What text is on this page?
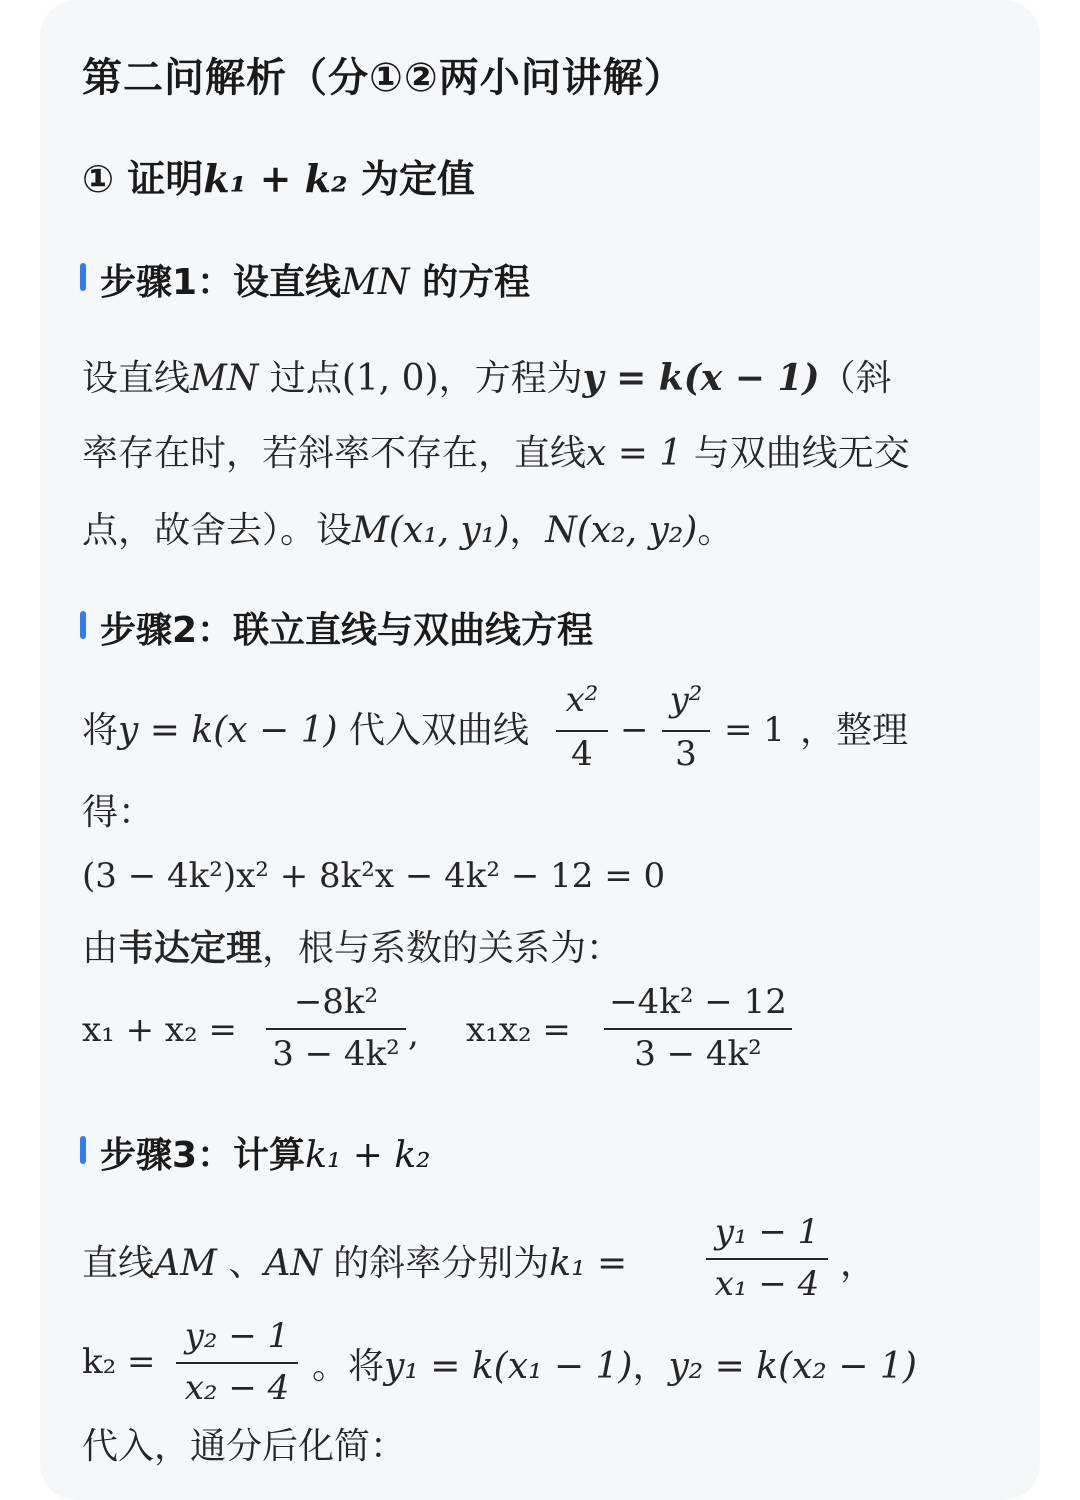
第二问解析（分①②两小问讲解）
① 证明k₁ + k₂ 为定值
步骤1：设直线MN 的方程
设直线MN 过点(1, 0)，方程为y = k(x − 1)（斜
率存在时，若斜率不存在，直线x = 1 与双曲线无交
点，故舍去）。设M(x₁, y₁)，N(x₂, y₂)。
步骤2：联立直线与双曲线方程
将y = k(x − 1) 代入双曲线
x²
4
−
y²
3
= 1 ，整理
得：
(3 − 4k²)x² + 8k²x − 4k² − 12 = 0
由韦达定理，根与系数的关系为：
x₁ + x₂ =
−8k²
3 − 4k² , x₁x₂ =
−4k² − 12
3 − 4k²
步骤3：计算k₁ + k₂
直线AM 、AN 的斜率分别为k₁ =
y₁ − 1
x₁ − 4 ，
k₂ =
y₂ − 1
x₂ − 4
。将y₁ = k(x₁ − 1)，y₂ = k(x₂ − 1)
代入，通分后化简：
